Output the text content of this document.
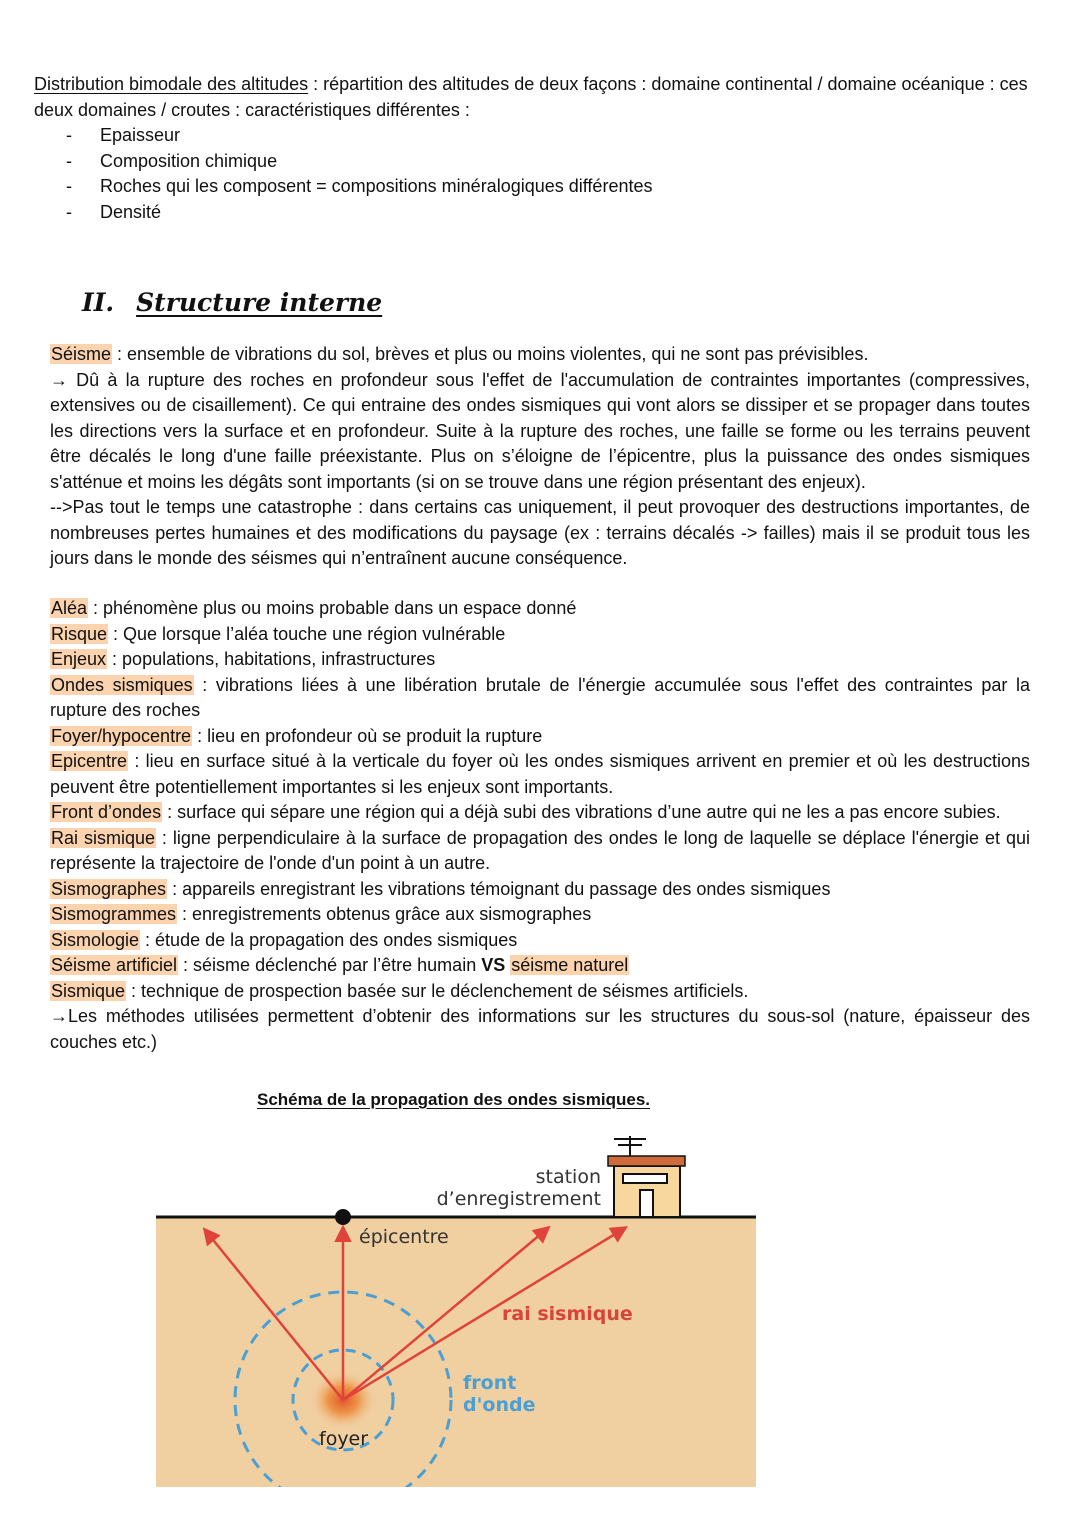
Distribution bimodale des altitudes : répartition des altitudes de deux façons : domaine continental / domaine océanique : ces deux domaines / croutes : caractéristiques différentes :

- Epaisseur
- Composition chimique
- Roches qui les composent = compositions minéralogiques différentes
- Densité
II. Structure interne

Séisme : ensemble de vibrations du sol, brèves et plus ou moins violentes, qui ne sont pas prévisibles.

→ Dû à la rupture des roches en profondeur sous l'effet de l'accumulation de contraintes importantes (compressives, extensives ou de cisaillement). Ce qui entraine des ondes sismiques qui vont alors se dissiper et se propager dans toutes les directions vers la surface et en profondeur. Suite à la rupture des roches, une faille se forme ou les terrains peuvent être décalés le long d'une faille préexistante. Plus on s’éloigne de l’épicentre, plus la puissance des ondes sismiques s'atténue et moins les dégâts sont importants (si on se trouve dans une région présentant des enjeux).

-->Pas tout le temps une catastrophe : dans certains cas uniquement, il peut provoquer des destructions importantes, de nombreuses pertes humaines et des modifications du paysage (ex : terrains décalés -> failles) mais il se produit tous les jours dans le monde des séismes qui n’entraînent aucune conséquence.

Aléa : phénomène plus ou moins probable dans un espace donné

Risque : Que lorsque l’aléa touche une région vulnérable

Enjeux : populations, habitations, infrastructures

Ondes sismiques : vibrations liées à une libération brutale de l'énergie accumulée sous l'effet des contraintes par la rupture des roches

Foyer/hypocentre : lieu en profondeur où se produit la rupture

Epicentre : lieu en surface situé à la verticale du foyer où les ondes sismiques arrivent en premier et où les destructions peuvent être potentiellement importantes si les enjeux sont importants.

Front d’ondes : surface qui sépare une région qui a déjà subi des vibrations d’une autre qui ne les a pas encore subies.

Rai sismique : ligne perpendiculaire à la surface de propagation des ondes le long de laquelle se déplace l'énergie et qui représente la trajectoire de l'onde d'un point à un autre.

Sismographes : appareils enregistrant les vibrations témoignant du passage des ondes sismiques

Sismogrammes : enregistrements obtenus grâce aux sismographes

Sismologie : étude de la propagation des ondes sismiques

Séisme artificiel : séisme déclenché par l’être humain VS séisme naturel

Sismique : technique de prospection basée sur le déclenchement de séismes artificiels.

→Les méthodes utilisées permettent d’obtenir des informations sur les structures du sous-sol (nature, épaisseur des couches etc.)

Schéma de la propagation des ondes sismiques.
station
d’enregistrement
épicentre
rai sismique
front
d'onde
foyer
